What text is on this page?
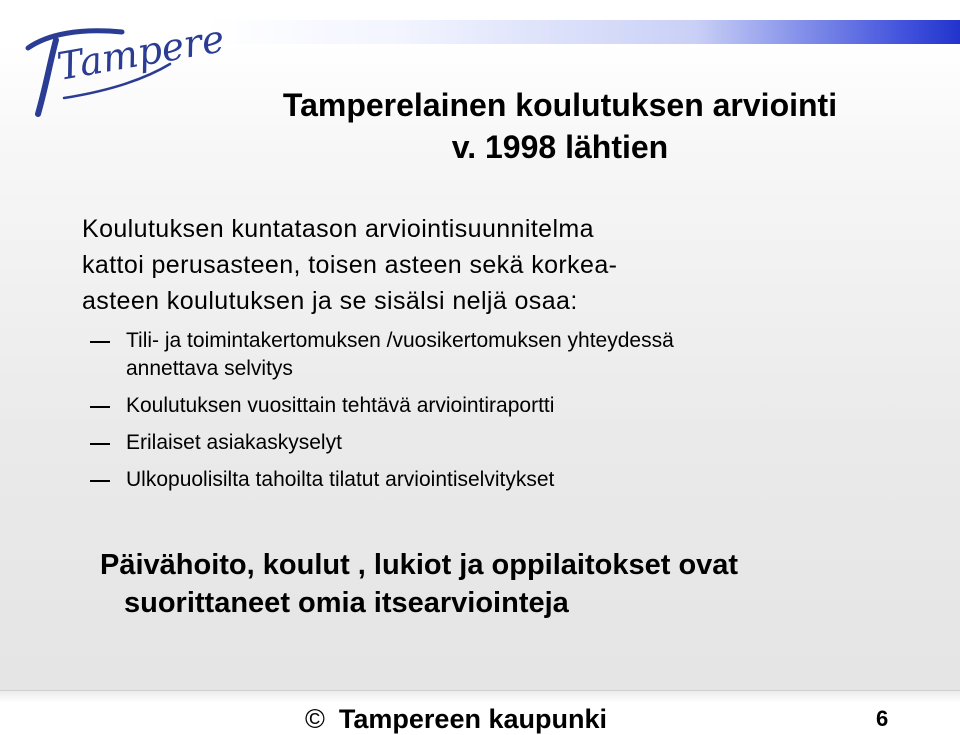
Tampere
Tamperelainen koulutuksen arviointi
v. 1998 lähtien
Koulutuksen kuntatason arviointisuunnitelma
kattoi perusasteen, toisen asteen sekä korkea-
asteen koulutuksen ja se sisälsi neljä osaa:
Tili- ja toimintakertomuksen /vuosikertomuksen yhteydessä
annettava selvitys
Koulutuksen vuosittain tehtävä arviointiraportti
Erilaiset asiakaskyselyt
Ulkopuolisilta tahoilta tilatut arviointiselvitykset
Päivähoito, koulut , lukiot ja oppilaitokset ovat
suorittaneet omia itsearviointeja
© Tampereen kaupunki	6
